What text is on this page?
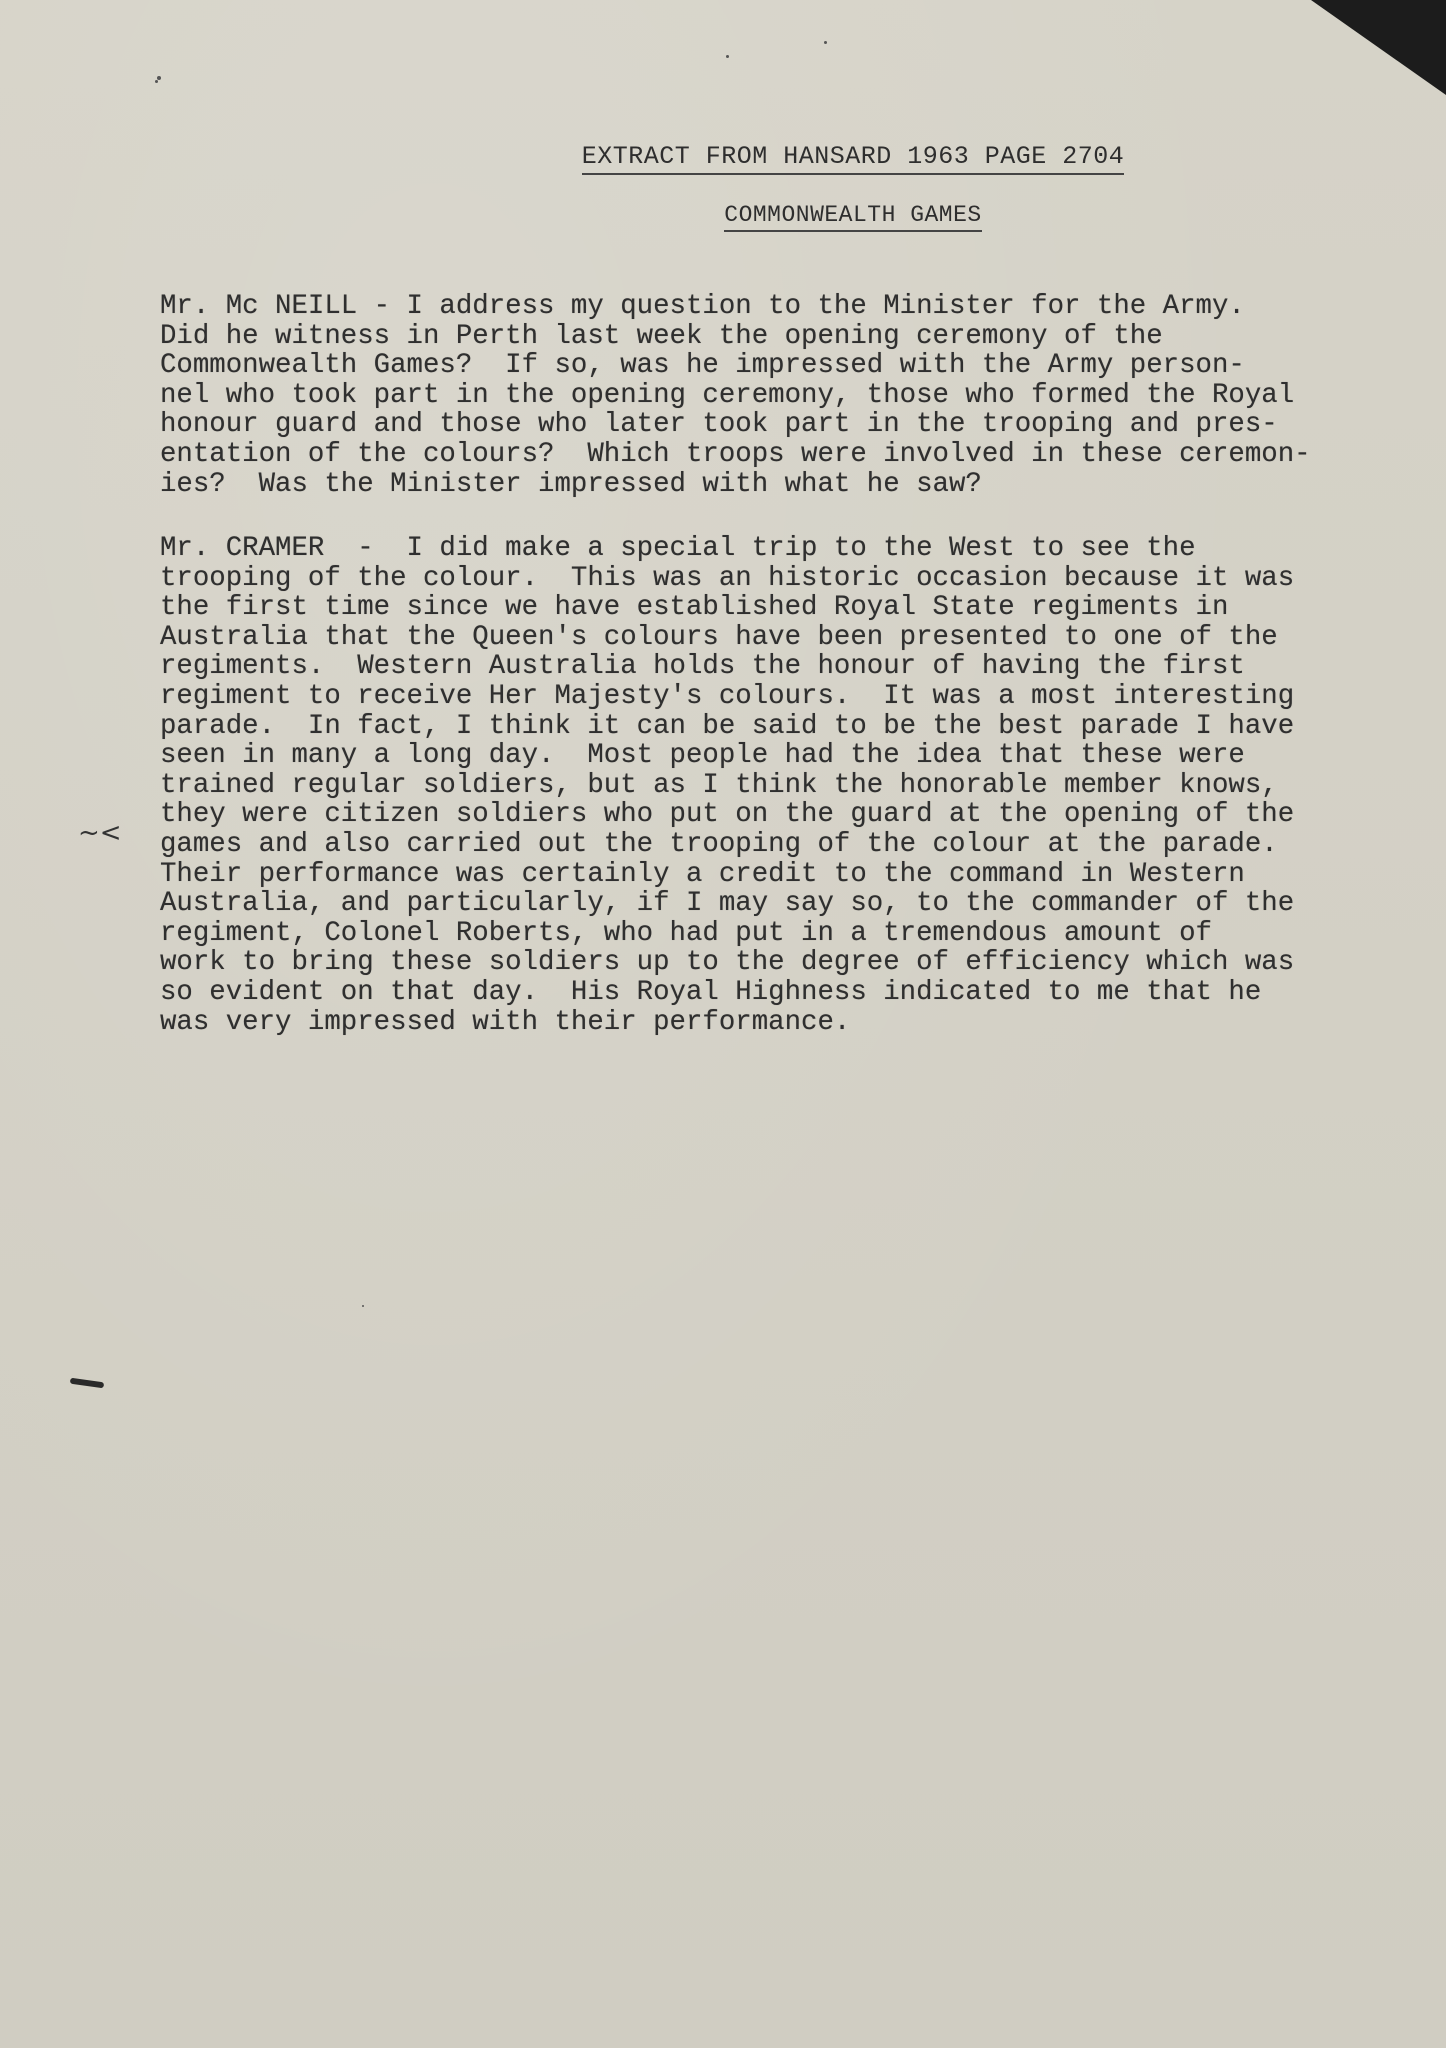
EXTRACT FROM HANSARD 1963 PAGE 2704
COMMONWEALTH GAMES

Mr. Mc NEILL - I address my question to the Minister for the Army.
Did he witness in Perth last week the opening ceremony of the
Commonwealth Games?  If so, was he impressed with the Army person-
nel who took part in the opening ceremony, those who formed the Royal
honour guard and those who later took part in the trooping and pres-
entation of the colours?  Which troops were involved in these ceremon-
ies?  Was the Minister impressed with what he saw?

Mr. CRAMER  -  I did make a special trip to the West to see the
trooping of the colour.  This was an historic occasion because it was
the first time since we have established Royal State regiments in
Australia that the Queen's colours have been presented to one of the
regiments.  Western Australia holds the honour of having the first
regiment to receive Her Majesty's colours.  It was a most interesting
parade.  In fact, I think it can be said to be the best parade I have
seen in many a long day.  Most people had the idea that these were
trained regular soldiers, but as I think the honorable member knows,
they were citizen soldiers who put on the guard at the opening of the
games and also carried out the trooping of the colour at the parade.
Their performance was certainly a credit to the command in Western
Australia, and particularly, if I may say so, to the commander of the
regiment, Colonel Roberts, who had put in a tremendous amount of
work to bring these soldiers up to the degree of efficiency which was
so evident on that day.  His Royal Highness indicated to me that he
was very impressed with their performance.

~<
